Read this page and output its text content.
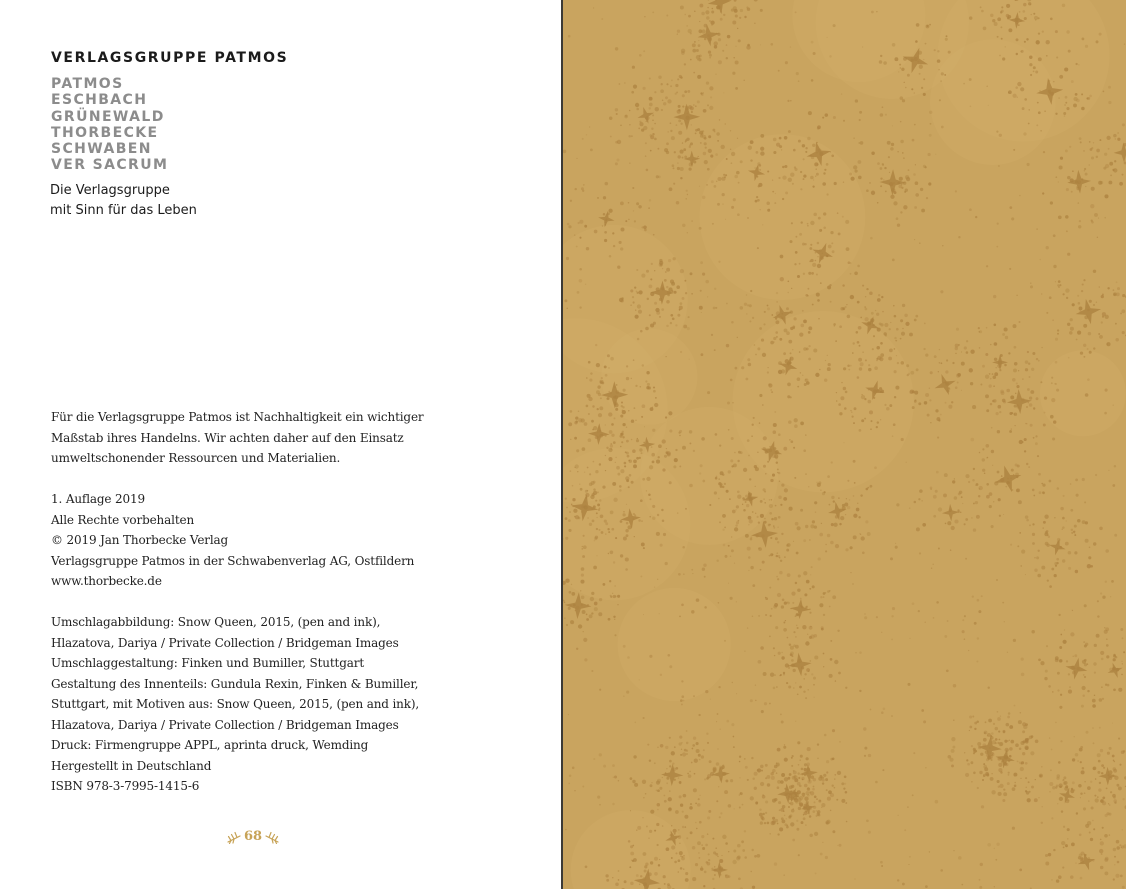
VERLAGSGRUPPE PATMOS
PATMOS
ESCHBACH
GRÜNEWALD
THORBECKE
SCHWABEN
VER SACRUM
Die Verlagsgruppe
mit Sinn für das Leben
Für die Verlagsgruppe Patmos ist Nachhaltigkeit ein wichtiger
Maßstab ihres Handelns. Wir achten daher auf den Einsatz
umweltschonender Ressourcen und Materialien.
1. Auflage 2019
Alle Rechte vorbehalten
© 2019 Jan Thorbecke Verlag
Verlagsgruppe Patmos in der Schwabenverlag AG, Ostfildern
www.thorbecke.de
Umschlagabbildung: Snow Queen, 2015, (pen and ink),
Hlazatova, Dariya / Private Collection / Bridgeman Images
Umschlaggestaltung: Finken und Bumiller, Stuttgart
Gestaltung des Innenteils: Gundula Rexin, Finken & Bumiller,
Stuttgart, mit Motiven aus: Snow Queen, 2015, (pen and ink),
Hlazatova, Dariya / Private Collection / Bridgeman Images
Druck: Firmengruppe APPL, aprinta druck, Wemding
Hergestellt in Deutschland
ISBN 978-3-7995-1415-6
68
